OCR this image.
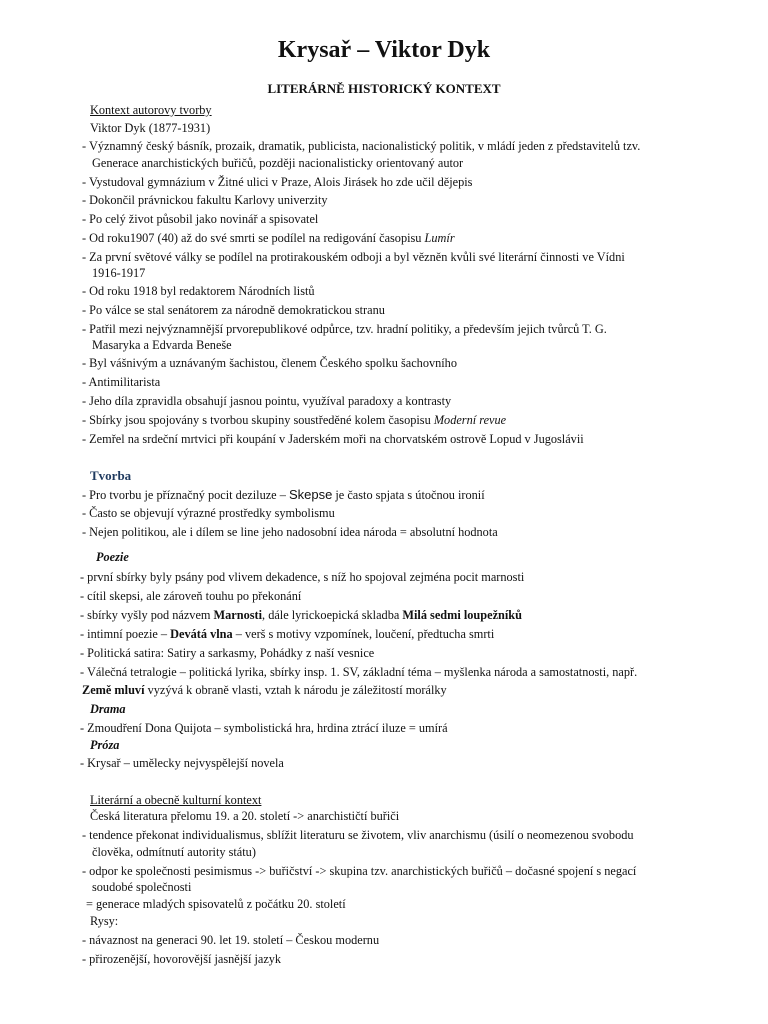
Krysař – Viktor Dyk
LITERÁRNĚ HISTORICKÝ KONTEXT
Kontext autorovy tvorby
Viktor Dyk (1877-1931)
- Významný český básník, prozaik, dramatik, publicista, nacionalistický politik, v mládí jeden z představitelů tzv.
Generace anarchistických buřičů, později nacionalisticky orientovaný autor
- Vystudoval gymnázium v Žitné ulici v Praze, Alois Jirásek ho zde učil dějepis
- Dokončil právnickou fakultu Karlovy univerzity
- Po celý život působil jako novinář a spisovatel
- Od roku1907 (40) až do své smrti se podílel na redigování časopisu Lumír
- Za první světové války se podílel na protirakouském odboji a byl vězněn kvůli své literární činnosti ve Vídni
1916-1917
- Od roku 1918 byl redaktorem Národních listů
- Po válce se stal senátorem za národně demokratickou stranu
- Patřil mezi nejvýznamnější prvorepublikové odpůrce, tzv. hradní politiky, a především jejich tvůrců T. G.
Masaryka a Edvarda Beneše
- Byl vášnivým a uznávaným šachistou, členem Českého spolku šachovního
- Antimilitarista
- Jeho díla zpravidla obsahují jasnou pointu, využíval paradoxy a kontrasty
- Sbírky jsou spojovány s tvorbou skupiny soustředěné kolem časopisu Moderní revue
- Zemřel na srdeční mrtvici při koupání v Jaderském moři na chorvatském ostrově Lopud v Jugoslávii
Tvorba
- Pro tvorbu je příznačný pocit deziluze – Skepse je často spjata s útočnou ironií
- Často se objevují výrazné prostředky symbolismu
- Nejen politikou, ale i dílem se line jeho nadosobní idea národa = absolutní hodnota
Poezie
- první sbírky byly psány pod vlivem dekadence, s níž ho spojoval zejména pocit marnosti
- cítil skepsi, ale zároveň touhu po překonání
- sbírky vyšly pod názvem Marnosti, dále lyrickoepická skladba Milá sedmi loupežníků
- intimní poezie – Devátá vlna – verš s motivy vzpomínek, loučení, předtucha smrti
- Politická satira: Satiry a sarkasmy, Pohádky z naší vesnice
- Válečná tetralogie – politická lyrika, sbírky insp. 1. SV, základní téma – myšlenka národa a samostatnosti, např.
Země mluví vyzývá k obraně vlasti, vztah k národu je záležitostí morálky
Drama
- Zmoudření Dona Quijota – symbolistická hra, hrdina ztrácí iluze = umírá
Próza
- Krysař – umělecky nejvyspělejší novela
Literární a obecně kulturní kontext
Česká literatura přelomu 19. a 20. století -> anarchističtí buřiči
- tendence překonat individualismus, sblížit literaturu se životem, vliv anarchismu (úsilí o neomezenou svobodu
člověka, odmítnutí autority státu)
- odpor ke společnosti pesimismus -> buřičství -> skupina tzv. anarchistických buřičů – dočasné spojení s negací
soudobé společnosti
= generace mladých spisovatelů z počátku 20. století
Rysy:
- návaznost na generaci 90. let 19. století – Českou modernu
- přirozenější, hovorovější jasnější jazyk
